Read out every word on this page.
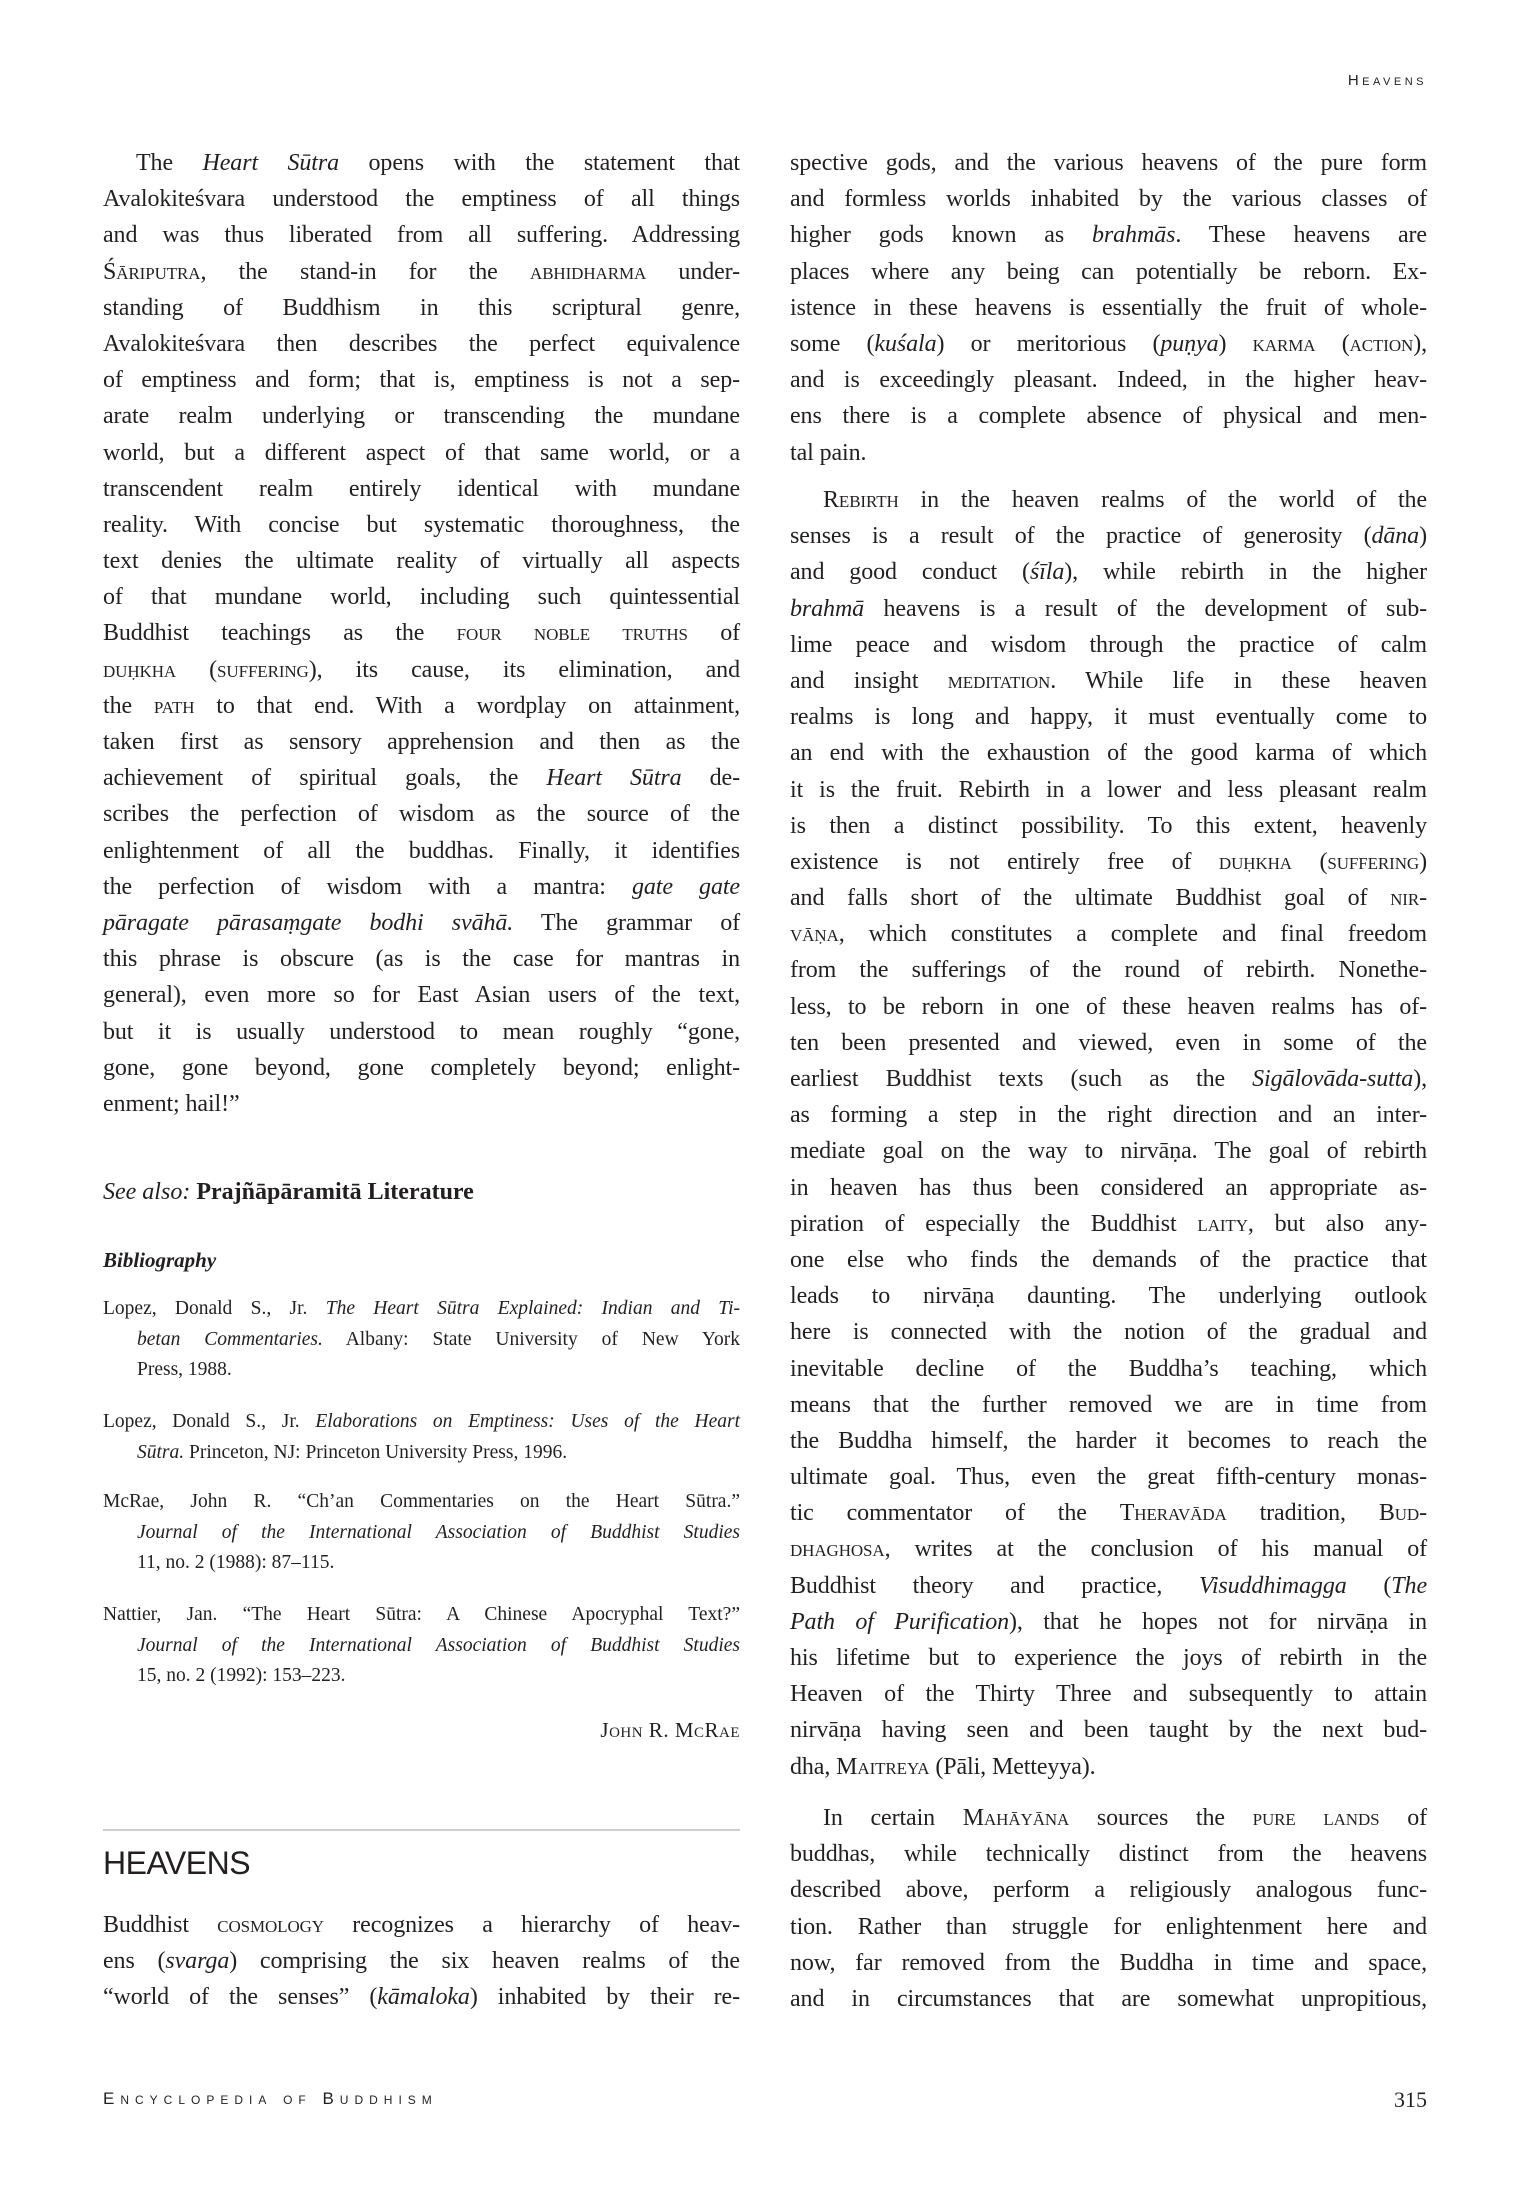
Heavens
The Heart Sūtra opens with the statement that
Avalokiteśvara understood the emptiness of all things
and was thus liberated from all suffering. Addressing
Śāriputra, the stand-in for the abhidharma under-
standing of Buddhism in this scriptural genre,
Avalokiteśvara then describes the perfect equivalence
of emptiness and form; that is, emptiness is not a sep-
arate realm underlying or transcending the mundane
world, but a different aspect of that same world, or a
transcendent realm entirely identical with mundane
reality. With concise but systematic thoroughness, the
text denies the ultimate reality of virtually all aspects
of that mundane world, including such quintessential
Buddhist teachings as the four noble truths of
duḥkha (suffering), its cause, its elimination, and
the path to that end. With a wordplay on attainment,
taken first as sensory apprehension and then as the
achievement of spiritual goals, the Heart Sūtra de-
scribes the perfection of wisdom as the source of the
enlightenment of all the buddhas. Finally, it identifies
the perfection of wisdom with a mantra: gate gate
pāragate pārasaṃgate bodhi svāhā. The grammar of
this phrase is obscure (as is the case for mantras in
general), even more so for East Asian users of the text,
but it is usually understood to mean roughly “gone,
gone, gone beyond, gone completely beyond; enlight-
enment; hail!”
See also: Prajñāpāramitā Literature
Bibliography
Lopez, Donald S., Jr. The Heart Sūtra Explained: Indian and Ti-
betan Commentaries. Albany: State University of New York
Press, 1988.
Lopez, Donald S., Jr. Elaborations on Emptiness: Uses of the Heart
Sūtra. Princeton, NJ: Princeton University Press, 1996.
McRae, John R. “Ch’an Commentaries on the Heart Sūtra.”
Journal of the International Association of Buddhist Studies
11, no. 2 (1988): 87–115.
Nattier, Jan. “The Heart Sūtra: A Chinese Apocryphal Text?”
Journal of the International Association of Buddhist Studies
15, no. 2 (1992): 153–223.
John R. McRae
HEAVENS
Buddhist cosmology recognizes a hierarchy of heav-
ens (svarga) comprising the six heaven realms of the
“world of the senses” (kāmaloka) inhabited by their re-
spective gods, and the various heavens of the pure form
and formless worlds inhabited by the various classes of
higher gods known as brahmās. These heavens are
places where any being can potentially be reborn. Ex-
istence in these heavens is essentially the fruit of whole-
some (kuśala) or meritorious (puṇya) karma (action),
and is exceedingly pleasant. Indeed, in the higher heav-
ens there is a complete absence of physical and men-
tal pain.
Rebirth in the heaven realms of the world of the
senses is a result of the practice of generosity (dāna)
and good conduct (śīla), while rebirth in the higher
brahmā heavens is a result of the development of sub-
lime peace and wisdom through the practice of calm
and insight meditation. While life in these heaven
realms is long and happy, it must eventually come to
an end with the exhaustion of the good karma of which
it is the fruit. Rebirth in a lower and less pleasant realm
is then a distinct possibility. To this extent, heavenly
existence is not entirely free of duḥkha (suffering)
and falls short of the ultimate Buddhist goal of nir-
vāṇa, which constitutes a complete and final freedom
from the sufferings of the round of rebirth. Nonethe-
less, to be reborn in one of these heaven realms has of-
ten been presented and viewed, even in some of the
earliest Buddhist texts (such as the Sigālovāda-sutta),
as forming a step in the right direction and an inter-
mediate goal on the way to nirvāṇa. The goal of rebirth
in heaven has thus been considered an appropriate as-
piration of especially the Buddhist laity, but also any-
one else who finds the demands of the practice that
leads to nirvāṇa daunting. The underlying outlook
here is connected with the notion of the gradual and
inevitable decline of the Buddha’s teaching, which
means that the further removed we are in time from
the Buddha himself, the harder it becomes to reach the
ultimate goal. Thus, even the great fifth-century monas-
tic commentator of the Theravāda tradition, Bud-
dhaghosa, writes at the conclusion of his manual of
Buddhist theory and practice, Visuddhimagga (The
Path of Purification), that he hopes not for nirvāṇa in
his lifetime but to experience the joys of rebirth in the
Heaven of the Thirty Three and subsequently to attain
nirvāṇa having seen and been taught by the next bud-
dha, Maitreya (Pāli, Metteyya).
In certain Mahāyāna sources the pure lands of
buddhas, while technically distinct from the heavens
described above, perform a religiously analogous func-
tion. Rather than struggle for enlightenment here and
now, far removed from the Buddha in time and space,
and in circumstances that are somewhat unpropitious,
Encyclopedia of Buddhism	315
